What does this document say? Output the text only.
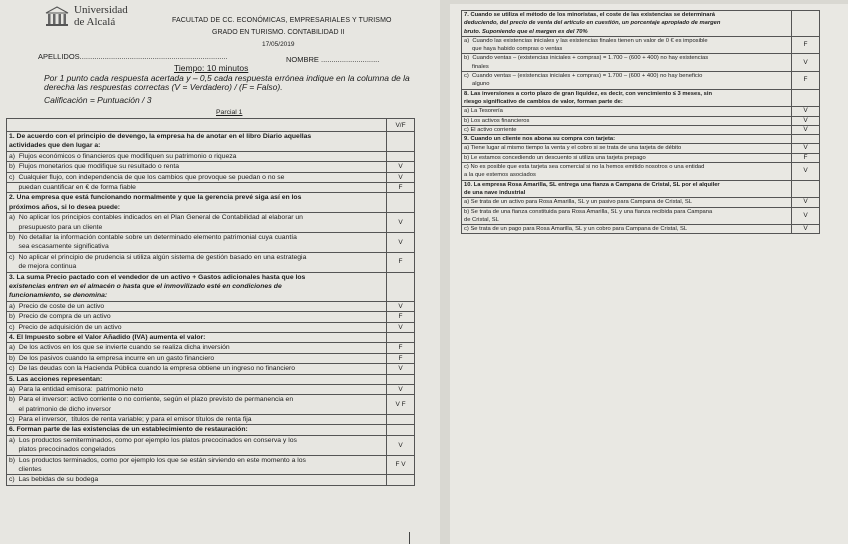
Universidad
de Alcalá	FACULTAD DE CC. ECONÓMICAS, EMPRESARIALES Y TURISMO
GRADO EN TURISMO. CONTABILIDAD II
17/05/2019
APELLIDOS.......................................................................	NOMBRE ............................
Tiempo: 10 minutos
Por 1 punto cada respuesta acertada y – 0,5 cada respuesta errónea indique en la columna de la derecha las respuestas correctas (V = Verdadero) / (F = Falso).
Calificación = Puntuación / 3
Parcial 1
	V/F

1. De acuerdo con el principio de devengo, la empresa ha de anotar en el libro Diario aquellas
actividades que den lugar a:	

a)  Flujos económicos o financieros que modifiquen su patrimonio o riqueza	

b)  Flujos monetarios que modifique su resultado o renta	V

c)  Cualquier flujo, con independencia de que los cambios que provoque se puedan o no se	V

puedan cuantificar en € de forma fiable	F

2. Una empresa que está funcionando normalmente y que la gerencia prevé siga así en los
próximos años, si lo desea puede:	

a)  No aplicar los principios contables indicados en el Plan General de Contabilidad al elaborar un
presupuesto para un cliente	V

b)  No detallar la información contable sobre un determinado elemento patrimonial cuya cuantía
sea escasamente significativa	V

c)  No aplicar el principio de prudencia si utiliza algún sistema de gestión basado en una estrategia
de mejora continua	F

3. La suma Precio pactado con el vendedor de un activo + Gastos adicionales hasta que los
existencias entren en el almacén o hasta que el inmovilizado esté en condiciones de
funcionamiento, se denomina:	

a)  Precio de coste de un activo	V

b)  Precio de compra de un activo	F

c)  Precio de adquisición de un activo	V

4. El Impuesto sobre el Valor Añadido (IVA) aumenta el valor:	

a)  De los activos en los que se invierte cuando se realiza dicha inversión	F

b)  De los pasivos cuando la empresa incurre en un gasto financiero	F

c)  De las deudas con la Hacienda Pública cuando la empresa obtiene un ingreso no financiero	V

5. Las acciones representan:	

a)  Para la entidad emisora:  patrimonio neto	V

b)  Para el inversor: activo corriente o no corriente, según el plazo previsto de permanencia en
el patrimonio de dicho inversor	V F

c)  Para el inversor,  títulos de renta variable; y para el emisor títulos de renta fija	

6. Forman parte de las existencias de un establecimiento de restauración:	

a)  Los productos semiterminados, como por ejemplo los platos precocinados en conserva y los
platos precocinados congelados	V

b)  Los productos terminados, como por ejemplo los que se están sirviendo en este momento a los
clientes	F V

c)  Las bebidas de su bodega	

7. Cuando se utiliza el método de los minoristas, el coste de las existencias se determinará
deduciendo, del precio de venta del artículo en cuestión, un porcentaje apropiado de margen
bruto. Suponiendo que el margen es del 70%	

a)  Cuando las existencias iniciales y las existencias finales tienen un valor de 0 € es imposible
que haya habido compras o ventas	F

b)  Cuando ventas – (existencias iniciales + compras) = 1.700 – (600 + 400) no hay existencias
finales	V

c)  Cuando ventas – (existencias iniciales + compras) = 1.700 – (600 + 400) no hay beneficio
alguno	F

8. Las inversiones a corto plazo de gran liquidez, es decir, con vencimiento ≤ 3 meses, sin
riesgo significativo de cambios de valor, forman parte de:	

a) La Tesorería	V

b) Los activos financieros	V

c) El activo corriente	V

9. Cuando un cliente nos abona su compra con tarjeta:	

a) Tiene lugar al mismo tiempo la venta y el cobro si se trata de una tarjeta de débito	V

b) Le estamos concediendo un descuento si utiliza una tarjeta prepago	F

c) No es posible que esta tarjeta sea comercial si no la hemos emitido nosotros o una entidad
a la que estemos asociados	V

10. La empresa Rosa Amarilla, SL entrega una fianza a Campana de Cristal, SL por el alquiler
de una nave industrial	

a) Se trata de un activo para Rosa Amarilla, SL y un pasivo para Campana de Cristal, SL	V

b) Se trata de una fianza constituida para Rosa Amarilla, SL y una fianza recibida para Campana
de Cristal, SL	V

c) Se trata de un pago para Rosa Amarilla, SL y un cobro para Campana de Cristal, SL	V
